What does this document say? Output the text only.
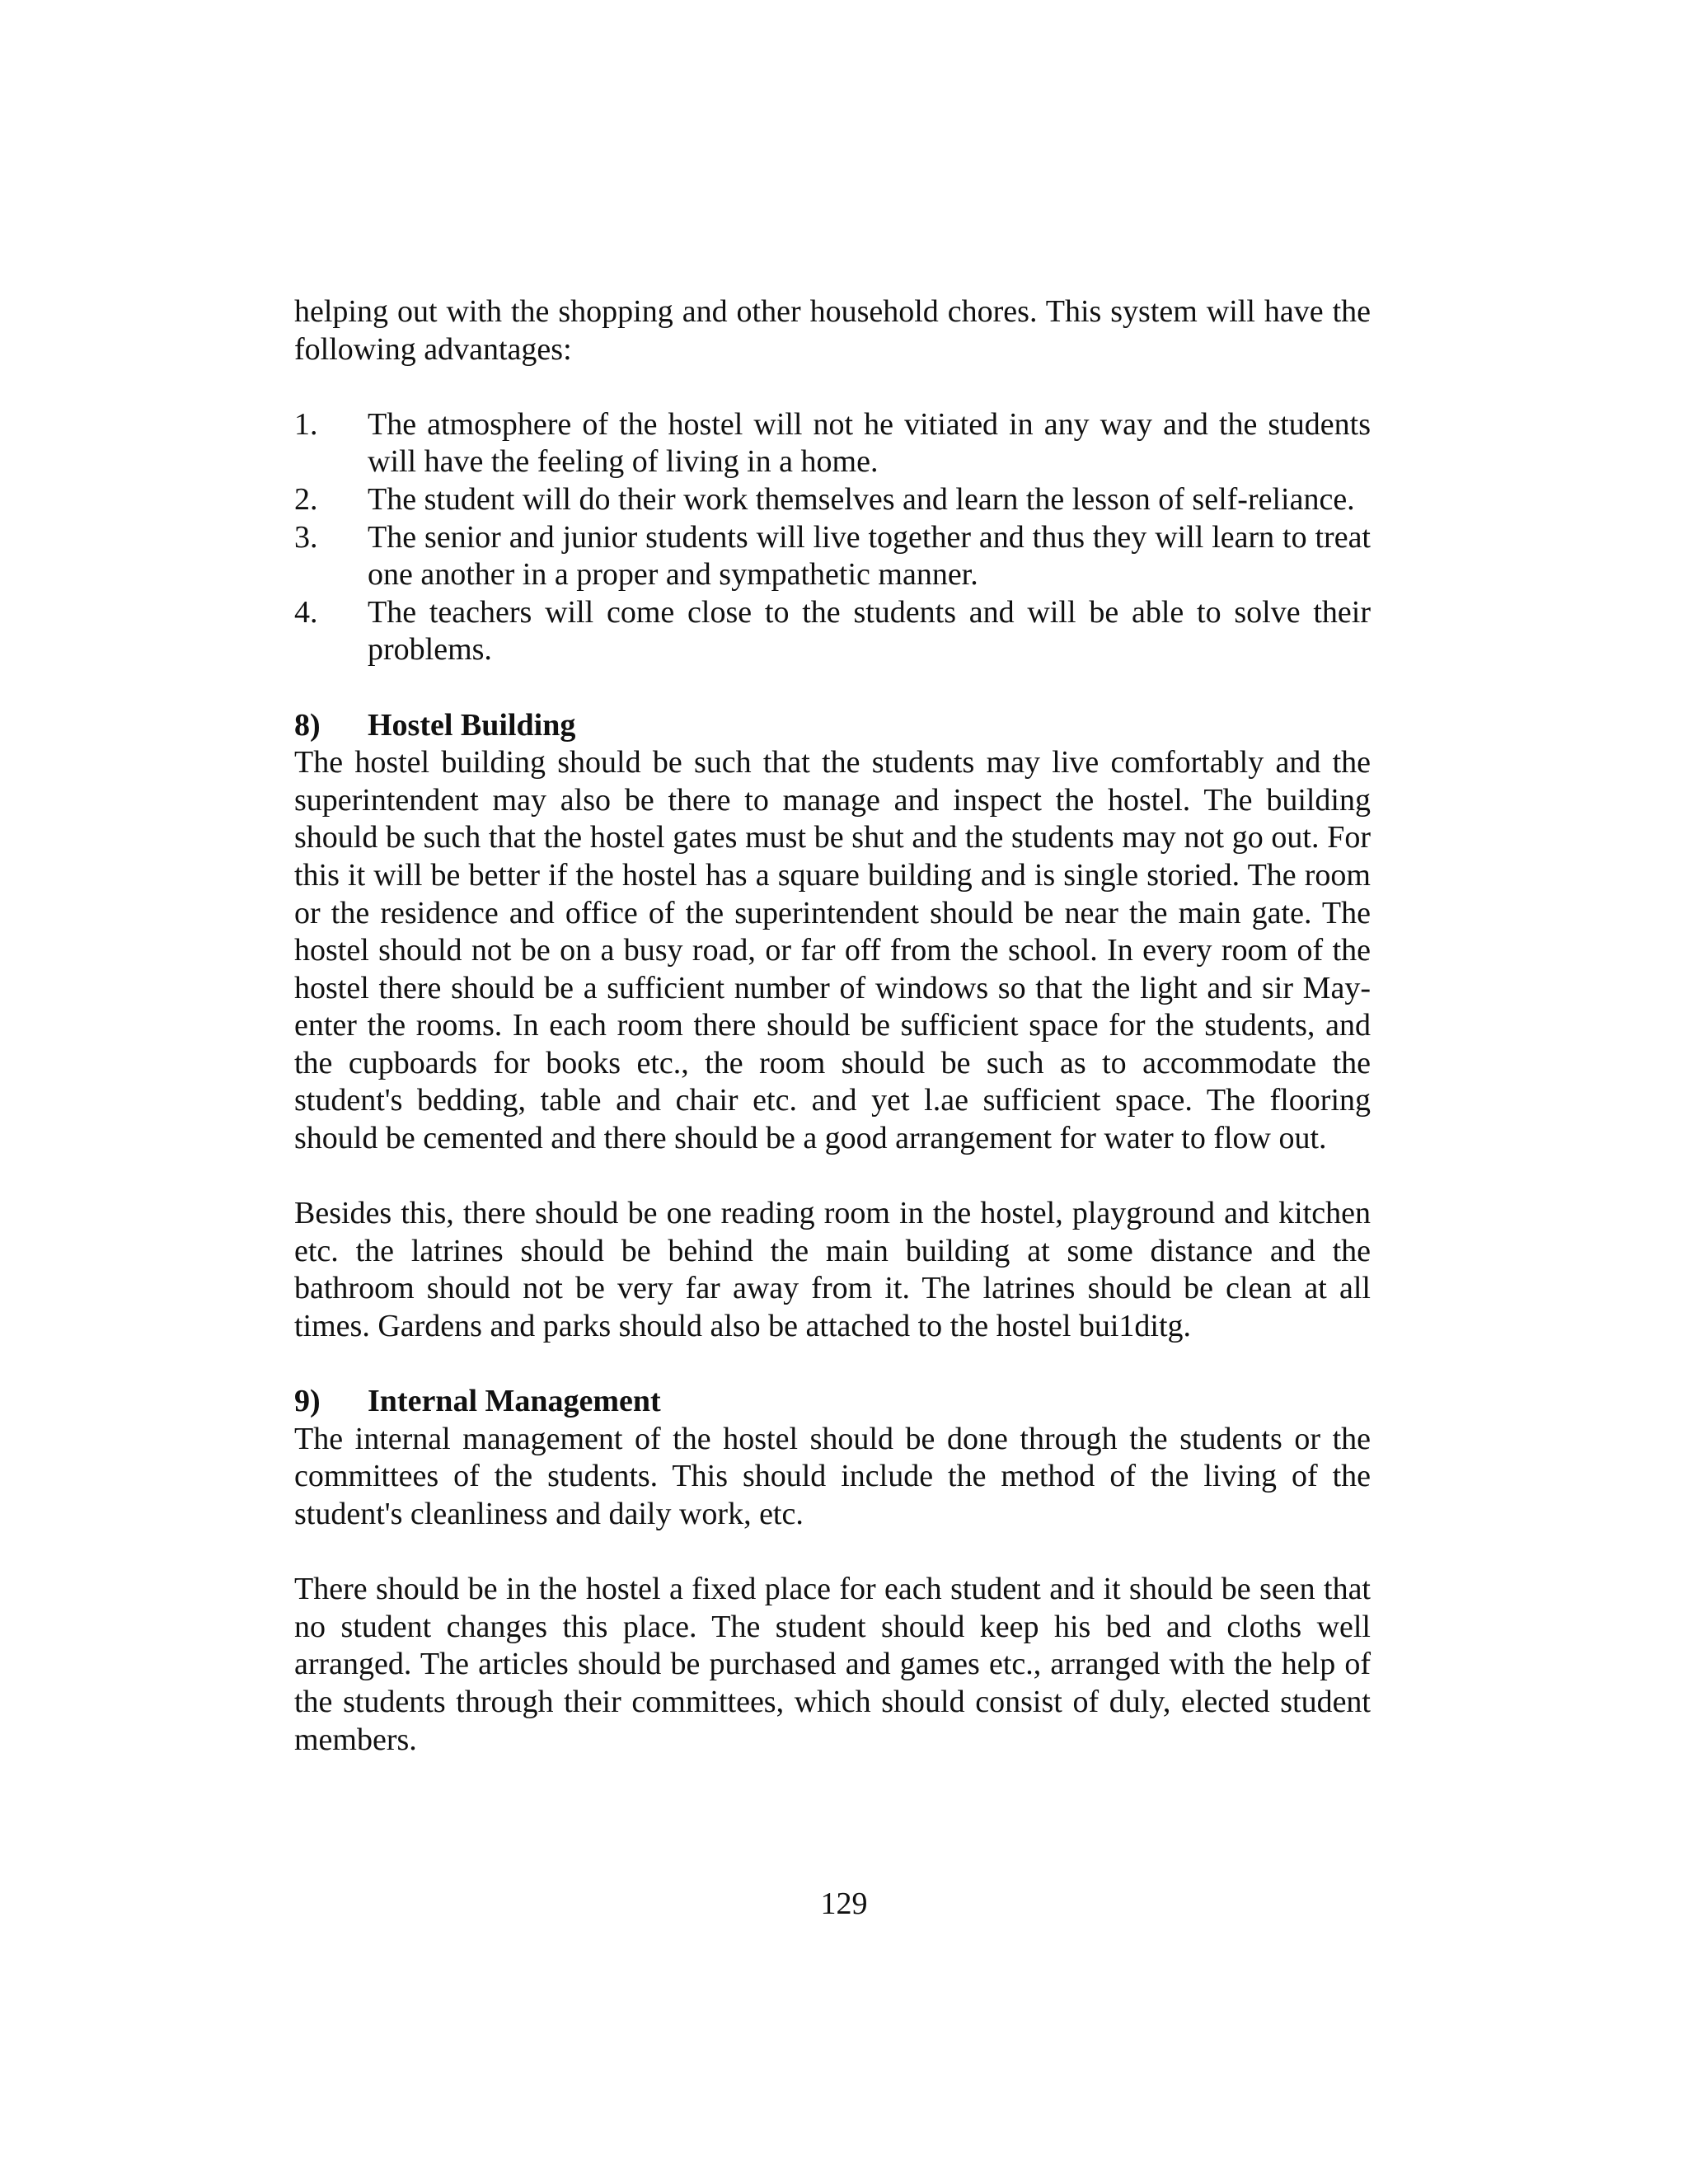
helping out with the shopping and other household chores. This system will have the following advantages:

1. The atmosphere of the hostel will not he vitiated in any way and the students will have the feeling of living in a home.
2. The student will do their work themselves and learn the lesson of self-reliance.
3. The senior and junior students will live together and thus they will learn to treat one another in a proper and sympathetic manner.
4. The teachers will come close to the students and will be able to solve their problems.
8) Hostel Building

The hostel building should be such that the students may live comfortably and the superintendent may also be there to manage and inspect the hostel. The building should be such that the hostel gates must be shut and the students may not go out. For this it will be better if the hostel has a square building and is single storied. The room or the residence and office of the superintendent should be near the main gate. The hostel should not be on a busy road, or far off from the school. In every room of the hostel there should be a sufficient number of windows so that the light and sir May-enter the rooms. In each room there should be sufficient space for the students, and the cupboards for books etc., the room should be such as to accommodate the student's bedding, table and chair etc. and yet l.ae sufficient space. The flooring should be cemented and there should be a good arrangement for water to flow out.

Besides this, there should be one reading room in the hostel, playground and kitchen etc. the latrines should be behind the main building at some distance and the bathroom should not be very far away from it. The latrines should be clean at all times. Gardens and parks should also be attached to the hostel bui1ditg.

9) Internal Management

The internal management of the hostel should be done through the students or the committees of the students. This should include the method of the living of the student's cleanliness and daily work, etc.

There should be in the hostel a fixed place for each student and it should be seen that no student changes this place. The student should keep his bed and cloths well arranged. The articles should be purchased and games etc., arranged with the help of the students through their committees, which should consist of duly, elected student members.

129
